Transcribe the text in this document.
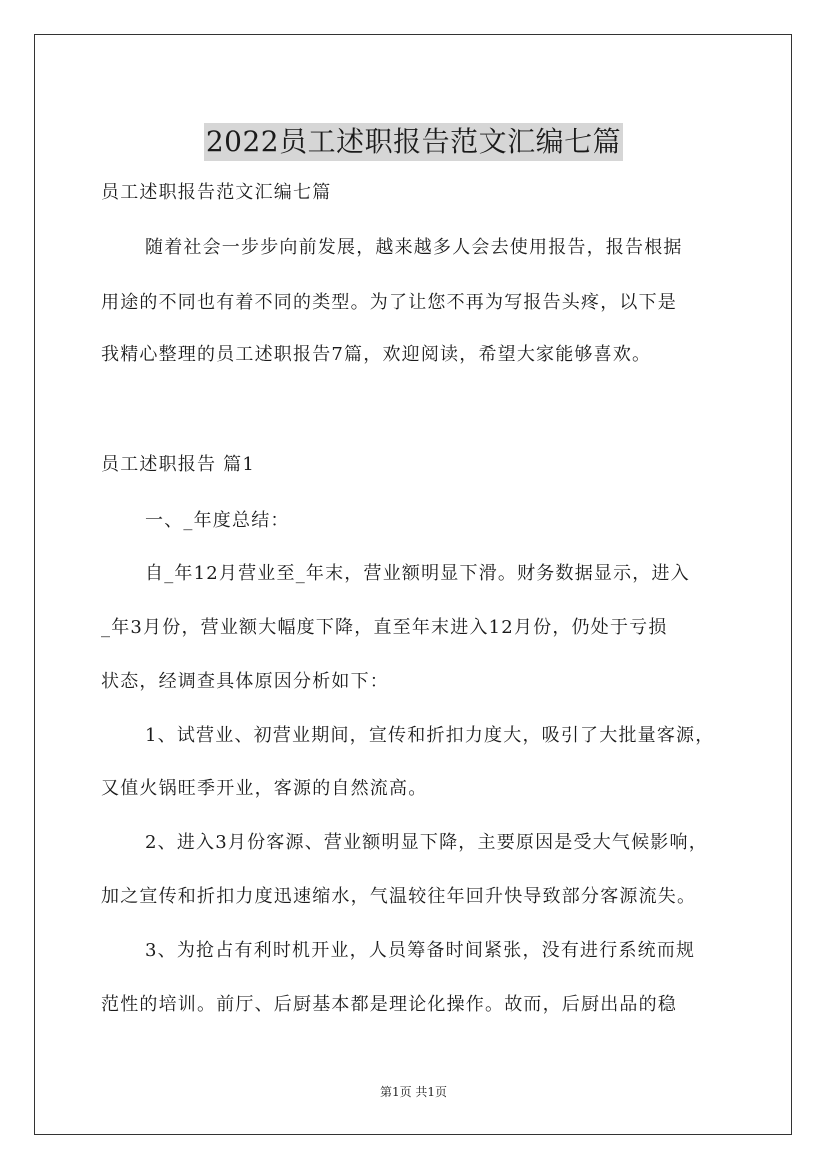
2022员工述职报告范文汇编七篇
员工述职报告范文汇编七篇
随着社会一步步向前发展，越来越多人会去使用报告，报告根据
用途的不同也有着不同的类型。为了让您不再为写报告头疼，以下是
我精心整理的员工述职报告7篇，欢迎阅读，希望大家能够喜欢。
员工述职报告 篇1
一、_年度总结：
自_年12月营业至_年末，营业额明显下滑。财务数据显示，进入
_年3月份，营业额大幅度下降，直至年末进入12月份，仍处于亏损
状态，经调查具体原因分析如下：
1、试营业、初营业期间，宣传和折扣力度大，吸引了大批量客源，
又值火锅旺季开业，客源的自然流高。
2、进入3月份客源、营业额明显下降，主要原因是受大气候影响，
加之宣传和折扣力度迅速缩水，气温较往年回升快导致部分客源流失。
3、为抢占有利时机开业，人员筹备时间紧张，没有进行系统而规
范性的培训。前厅、后厨基本都是理论化操作。故而，后厨出品的稳
第1页 共1页
